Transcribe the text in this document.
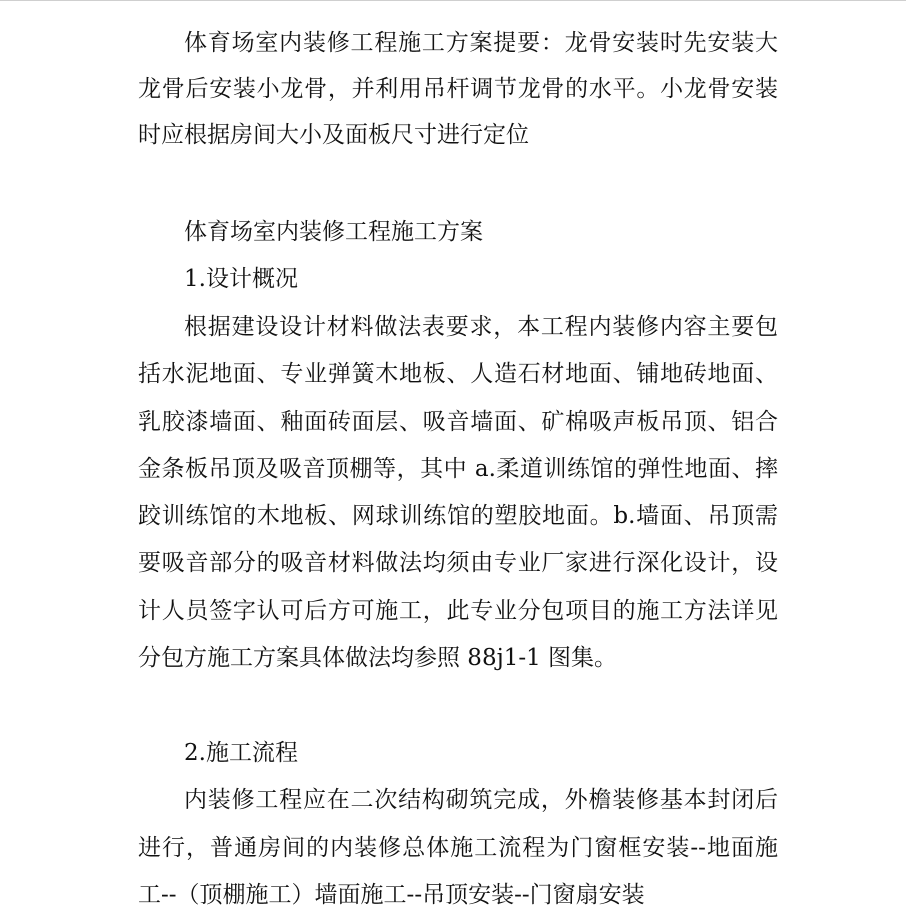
体育场室内装修工程施工方案提要：龙骨安装时先安装大龙骨后安装小龙骨，并利用吊杆调节龙骨的水平。小龙骨安装时应根据房间大小及面板尺寸进行定位

体育场室内装修工程施工方案

1.设计概况

根据建设设计材料做法表要求，本工程内装修内容主要包括水泥地面、专业弹簧木地板、人造石材地面、铺地砖地面、乳胶漆墙面、釉面砖面层、吸音墙面、矿棉吸声板吊顶、铝合金条板吊顶及吸音顶棚等，其中 a.柔道训练馆的弹性地面、摔跤训练馆的木地板、网球训练馆的塑胶地面。b.墙面、吊顶需要吸音部分的吸音材料做法均须由专业厂家进行深化设计，设计人员签字认可后方可施工，此专业分包项目的施工方法详见分包方施工方案具体做法均参照 88j1-1 图集。

2.施工流程

内装修工程应在二次结构砌筑完成，外檐装修基本封闭后进行，普通房间的内装修总体施工流程为门窗框安装--地面施工--（顶棚施工）墙面施工--吊顶安装--门窗扇安装
